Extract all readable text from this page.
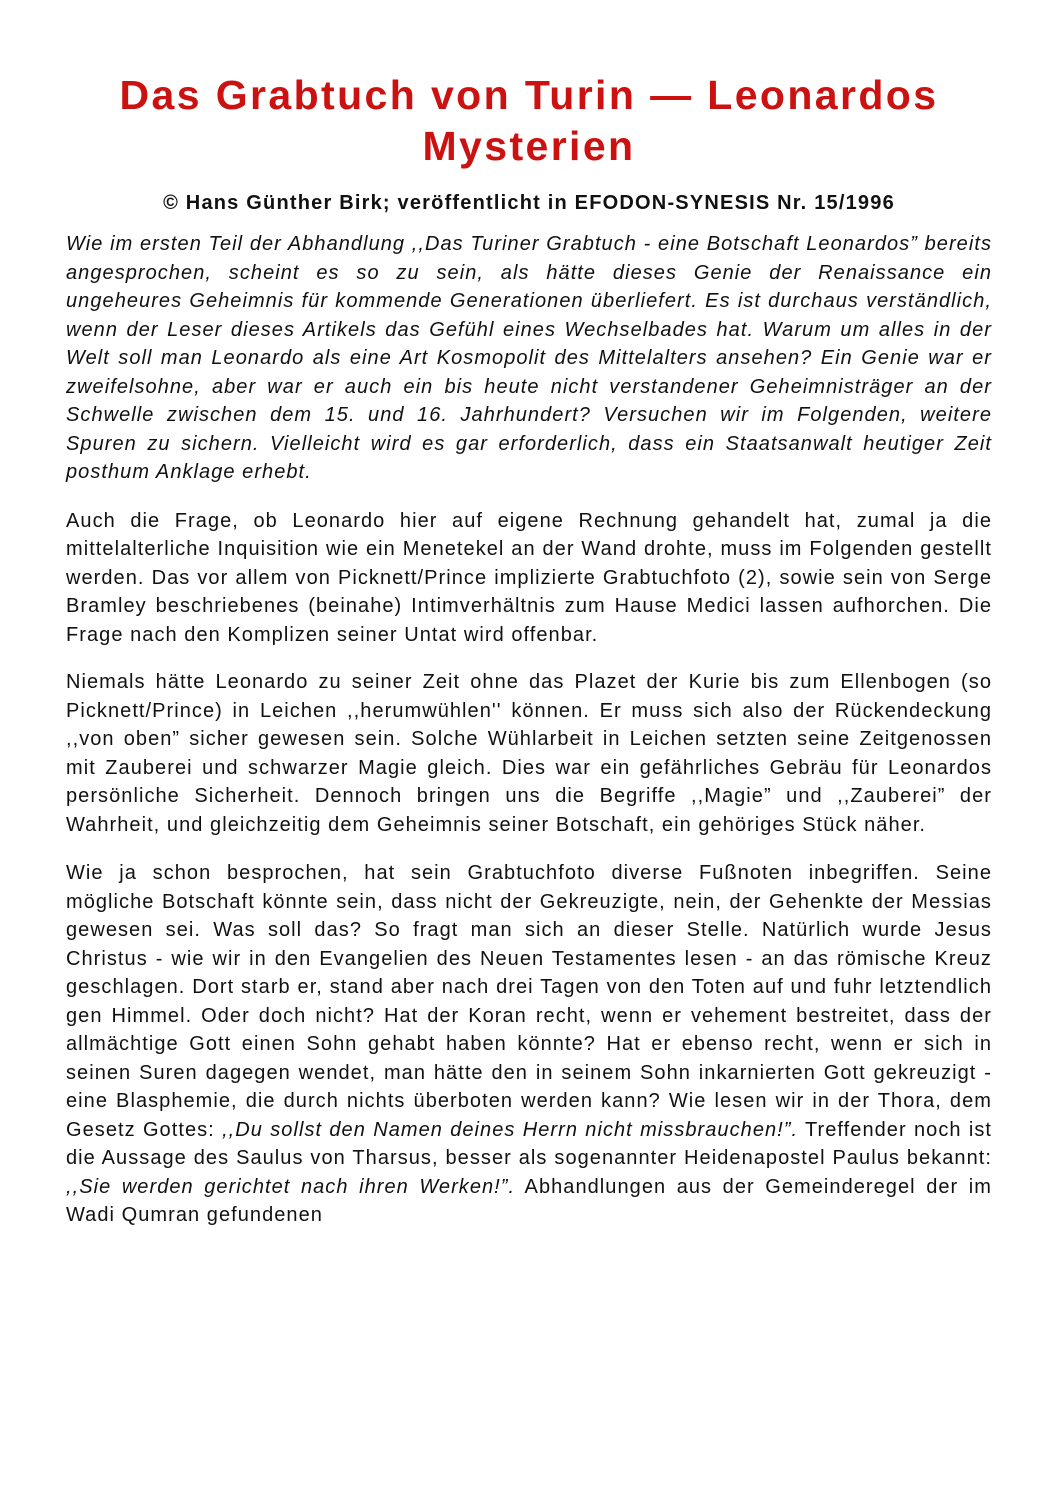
Das Grabtuch von Turin — Leonardos Mysterien

© Hans Günther Birk; veröffentlicht in EFODON-SYNESIS Nr. 15/1996

Wie im ersten Teil der Abhandlung ,,Das Turiner Grabtuch - eine Botschaft Leonardos” bereits angesprochen, scheint es so zu sein, als hätte dieses Genie der Renaissance ein ungeheures Geheimnis für kommende Generationen überliefert. Es ist durchaus verständlich, wenn der Leser dieses Artikels das Gefühl eines Wechselbades hat. Warum um alles in der Welt soll man Leonardo als eine Art Kosmopolit des Mittelalters ansehen? Ein Genie war er zweifelsohne, aber war er auch ein bis heute nicht verstandener Geheimnisträger an der Schwelle zwischen dem 15. und 16. Jahrhundert? Versuchen wir im Folgenden, weitere Spuren zu sichern. Vielleicht wird es gar erforderlich, dass ein Staatsanwalt heutiger Zeit posthum Anklage erhebt.

Auch die Frage, ob Leonardo hier auf eigene Rechnung gehandelt hat, zumal ja die mittelalterliche Inquisition wie ein Menetekel an der Wand drohte, muss im Folgenden gestellt werden. Das vor allem von Picknett/Prince implizierte Grabtuchfoto (2), sowie sein von Serge Bramley beschriebenes (beinahe) Intimverhältnis zum Hause Medici lassen aufhorchen. Die Frage nach den Komplizen seiner Untat wird offenbar.

Niemals hätte Leonardo zu seiner Zeit ohne das Plazet der Kurie bis zum Ellenbogen (so Picknett/Prince) in Leichen ,,herumwühlen'' können. Er muss sich also der Rückendeckung ,,von oben” sicher gewesen sein. Solche Wühlarbeit in Leichen setzten seine Zeitgenossen mit Zauberei und schwarzer Magie gleich. Dies war ein gefährliches Gebräu für Leonardos persönliche Sicherheit. Dennoch bringen uns die Begriffe ,,Magie” und ,,Zauberei” der Wahrheit, und gleichzeitig dem Geheimnis seiner Botschaft, ein gehöriges Stück näher.

Wie ja schon besprochen, hat sein Grabtuchfoto diverse Fußnoten inbegriffen. Seine mögliche Botschaft könnte sein, dass nicht der Gekreuzigte, nein, der Gehenkte der Messias gewesen sei. Was soll das? So fragt man sich an dieser Stelle. Natürlich wurde Jesus Christus - wie wir in den Evangelien des Neuen Testamentes lesen - an das römische Kreuz geschlagen. Dort starb er, stand aber nach drei Tagen von den Toten auf und fuhr letztendlich gen Himmel. Oder doch nicht? Hat der Koran recht, wenn er vehement bestreitet, dass der allmächtige Gott einen Sohn gehabt haben könnte? Hat er ebenso recht, wenn er sich in seinen Suren dagegen wendet, man hätte den in seinem Sohn inkarnierten Gott gekreuzigt - eine Blasphemie, die durch nichts überboten werden kann? Wie lesen wir in der Thora, dem Gesetz Gottes: ,,Du sollst den Namen deines Herrn nicht missbrauchen!”. Treffender noch ist die Aussage des Saulus von Tharsus, besser als sogenannter Heidenapostel Paulus bekannt: ,,Sie werden gerichtet nach ihren Werken!”. Abhandlungen aus der Gemeinderegel der im Wadi Qumran gefundenen
